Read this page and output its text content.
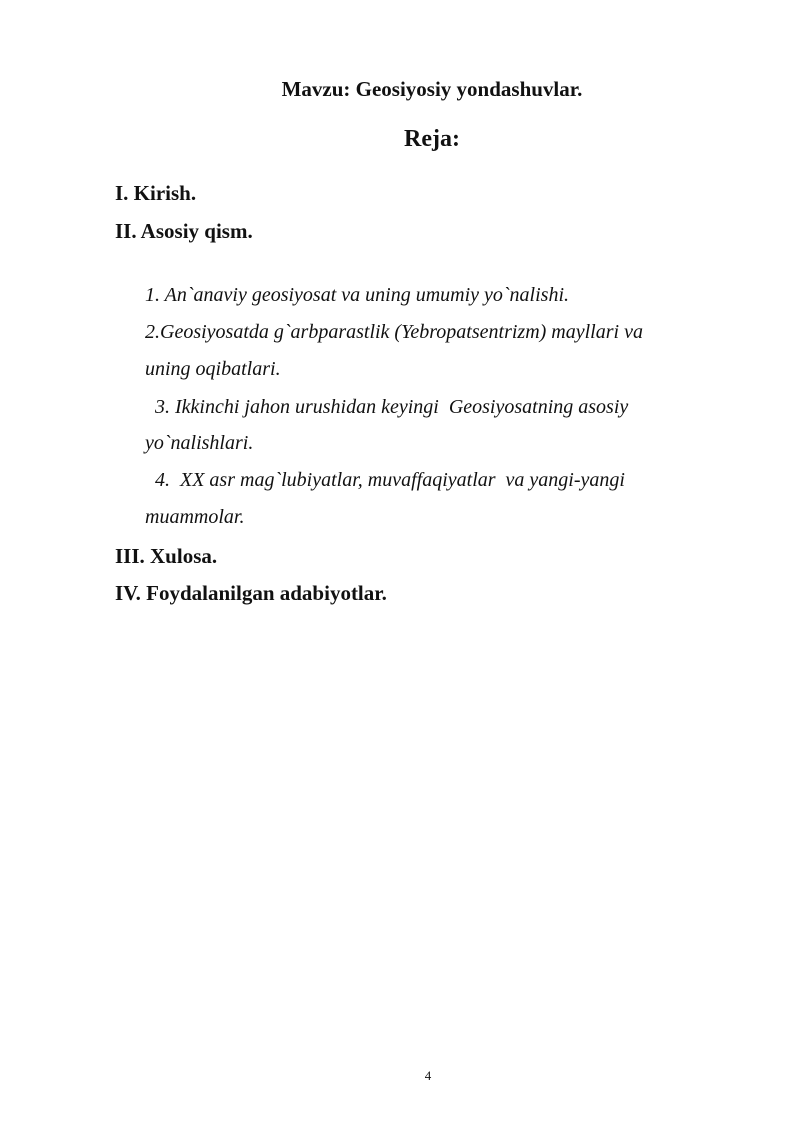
Mavzu: Geosiyosiy yondashuvlar.
Reja:
I. Kirish.
II. Asosiy qism.
1. An`anaviy geosiyosat va uning umumiy yo`nalishi.
2.Geosiyosatda g`arbparastlik (Yebropatsentrizm) mayllari va
uning oqibatlari.
3. Ikkinchi jahon urushidan keyingi  Geosiyosatning asosiy
yo`nalishlari.
4.  XX asr mag`lubiyatlar, muvaffaqiyatlar  va yangi-yangi
muammolar.
III. Xulosa.
IV. Foydalanilgan adabiyotlar.
4
